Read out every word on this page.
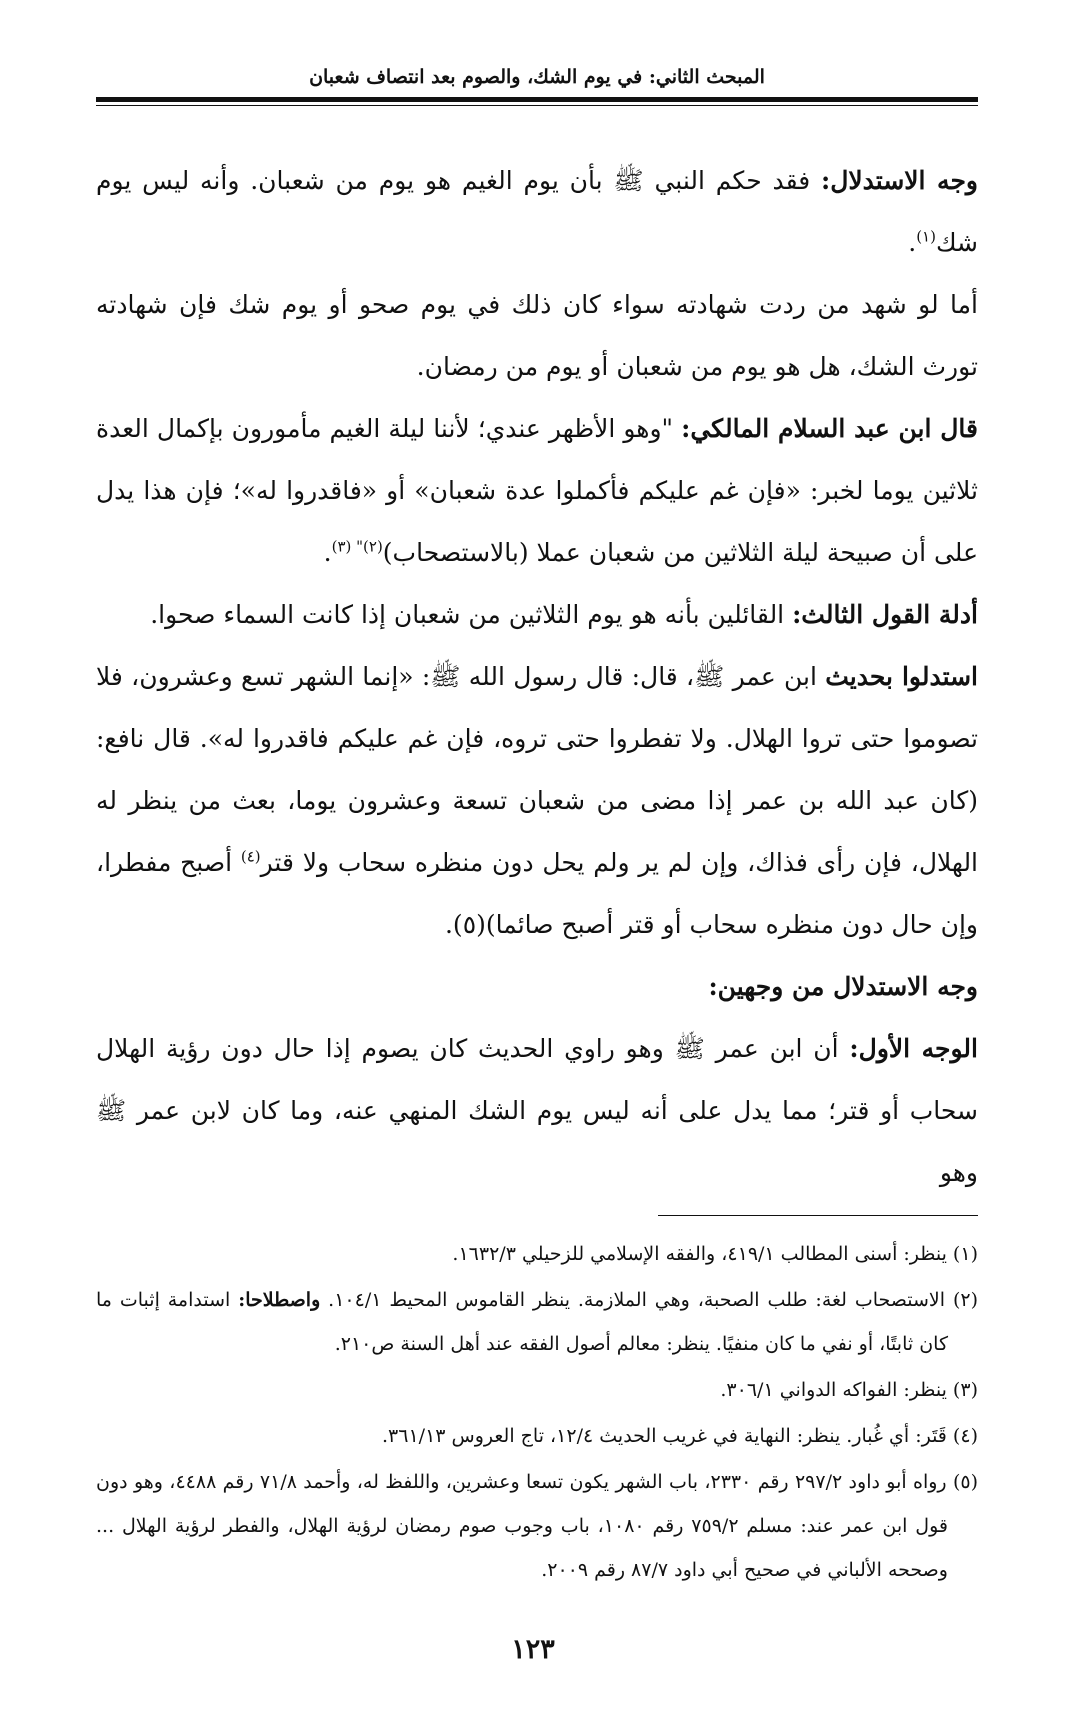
المبحث الثاني: في يوم الشك، والصوم بعد انتصاف شعبان

وجه الاستدلال: فقد حكم النبي ﷺ بأن يوم الغيم هو يوم من شعبان. وأنه ليس يوم شك$^{(١)}$.

أما لو شهد من ردت شهادته سواء كان ذلك في يوم صحو أو يوم شك فإن شهادته تورث الشك، هل هو يوم من شعبان أو يوم من رمضان.

قال ابن عبد السلام المالكي: "وهو الأظهر عندي؛ لأننا ليلة الغيم مأمورون بإكمال العدة ثلاثين يوما لخبر: «فإن غم عليكم فأكملوا عدة شعبان» أو «فاقدروا له»؛ فإن هذا يدل على أن صبيحة ليلة الثلاثين من شعبان عملا (بالاستصحاب)$^{(٢)" (٣)}$.

أدلة القول الثالث: القائلين بأنه هو يوم الثلاثين من شعبان إذا كانت السماء صحوا.

استدلوا بحديث ابن عمر ﷺ، قال: قال رسول الله ﷺ: «إنما الشهر تسع وعشرون، فلا تصوموا حتى تروا الهلال. ولا تفطروا حتى تروه، فإن غم عليكم فاقدروا له». قال نافع: (كان عبد الله بن عمر إذا مضى من شعبان تسعة وعشرون يوما، بعث من ينظر له الهلال، فإن رأى فذاك، وإن لم ير ولم يحل دون منظره سحاب ولا قتر$^{(٤)}$ أصبح مفطرا، وإن حال دون منظره سحاب أو قتر أصبح صائما)(٥).

وجه الاستدلال من وجهين:

الوجه الأول: أن ابن عمر ﷺ وهو راوي الحديث كان يصوم إذا حال دون رؤية الهلال سحاب أو قتر؛ مما يدل على أنه ليس يوم الشك المنهي عنه، وما كان لابن عمر ﷺ وهو

(١) ينظر: أسنى المطالب ٤١٩/١، والفقه الإسلامي للزحيلي ١٦٣٢/٣.

(٢) الاستصحاب لغة: طلب الصحبة، وهي الملازمة. ينظر القاموس المحيط ١٠٤/١. واصطلاحا: استدامة إثبات ما كان ثابتًا، أو نفي ما كان منفيًا. ينظر: معالم أصول الفقه عند أهل السنة ص٢١٠.

(٣) ينظر: الفواكه الدواني ٣٠٦/١.

(٤) قَتَر: أي غُبار. ينظر: النهاية في غريب الحديث ١٢/٤، تاج العروس ٣٦١/١٣.

(٥) رواه أبو داود ٢٩٧/٢ رقم ٢٣٣٠، باب الشهر يكون تسعا وعشرين، واللفظ له، وأحمد ٧١/٨ رقم ٤٤٨٨، وهو دون قول ابن عمر عند: مسلم ٧٥٩/٢ رقم ١٠٨٠، باب وجوب صوم رمضان لرؤية الهلال، والفطر لرؤية الهلال ... وصححه الألباني في صحيح أبي داود ٨٧/٧ رقم ٢٠٠٩.

١٢٣
